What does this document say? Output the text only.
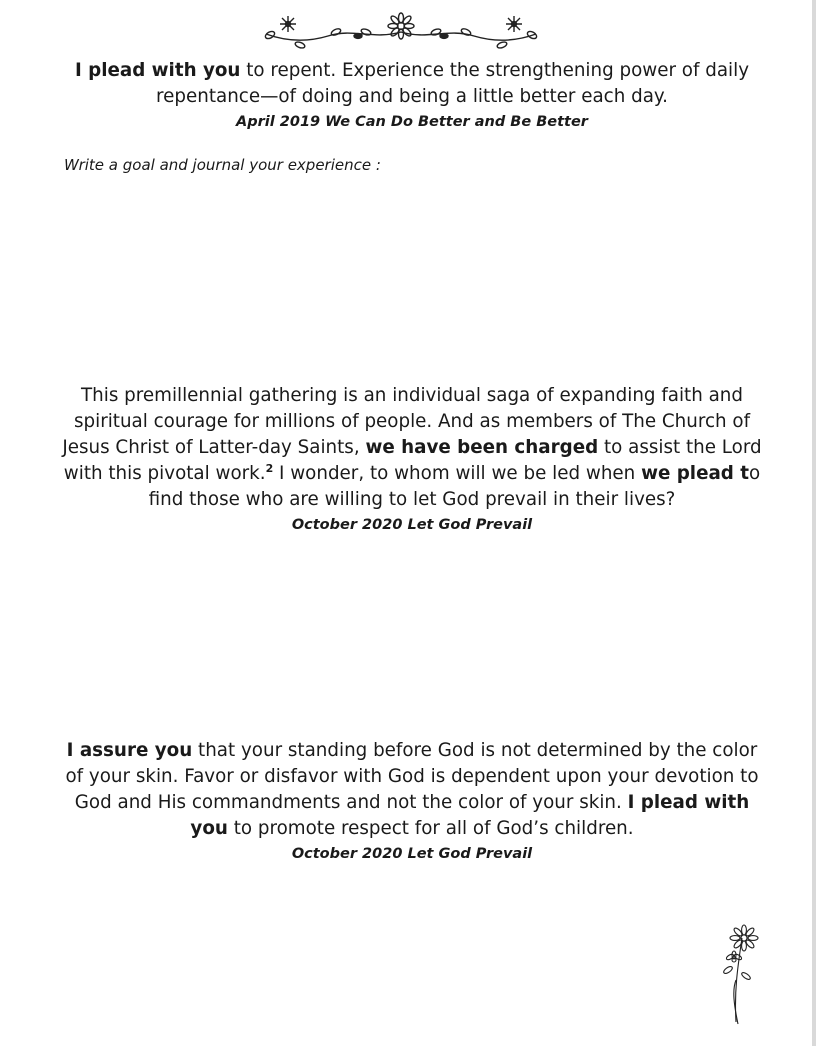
I plead with you to repent. Experience the strengthening power of daily repentance—of doing and being a little better each day.

April 2019 We Can Do Better and Be Better

Write a goal and journal your experience :

This premillennial gathering is an individual saga of expanding faith and spiritual courage for millions of people. And as members of The Church of Jesus Christ of Latter-day Saints, we have been charged to assist the Lord with this pivotal work.$^2$ I wonder, to whom will we be led when we plead to find those who are willing to let God prevail in their lives?

October 2020 Let God Prevail

I assure you that your standing before God is not determined by the color of your skin. Favor or disfavor with God is dependent upon your devotion to God and His commandments and not the color of your skin. I plead with you to promote respect for all of God’s children.

October 2020 Let God Prevail
